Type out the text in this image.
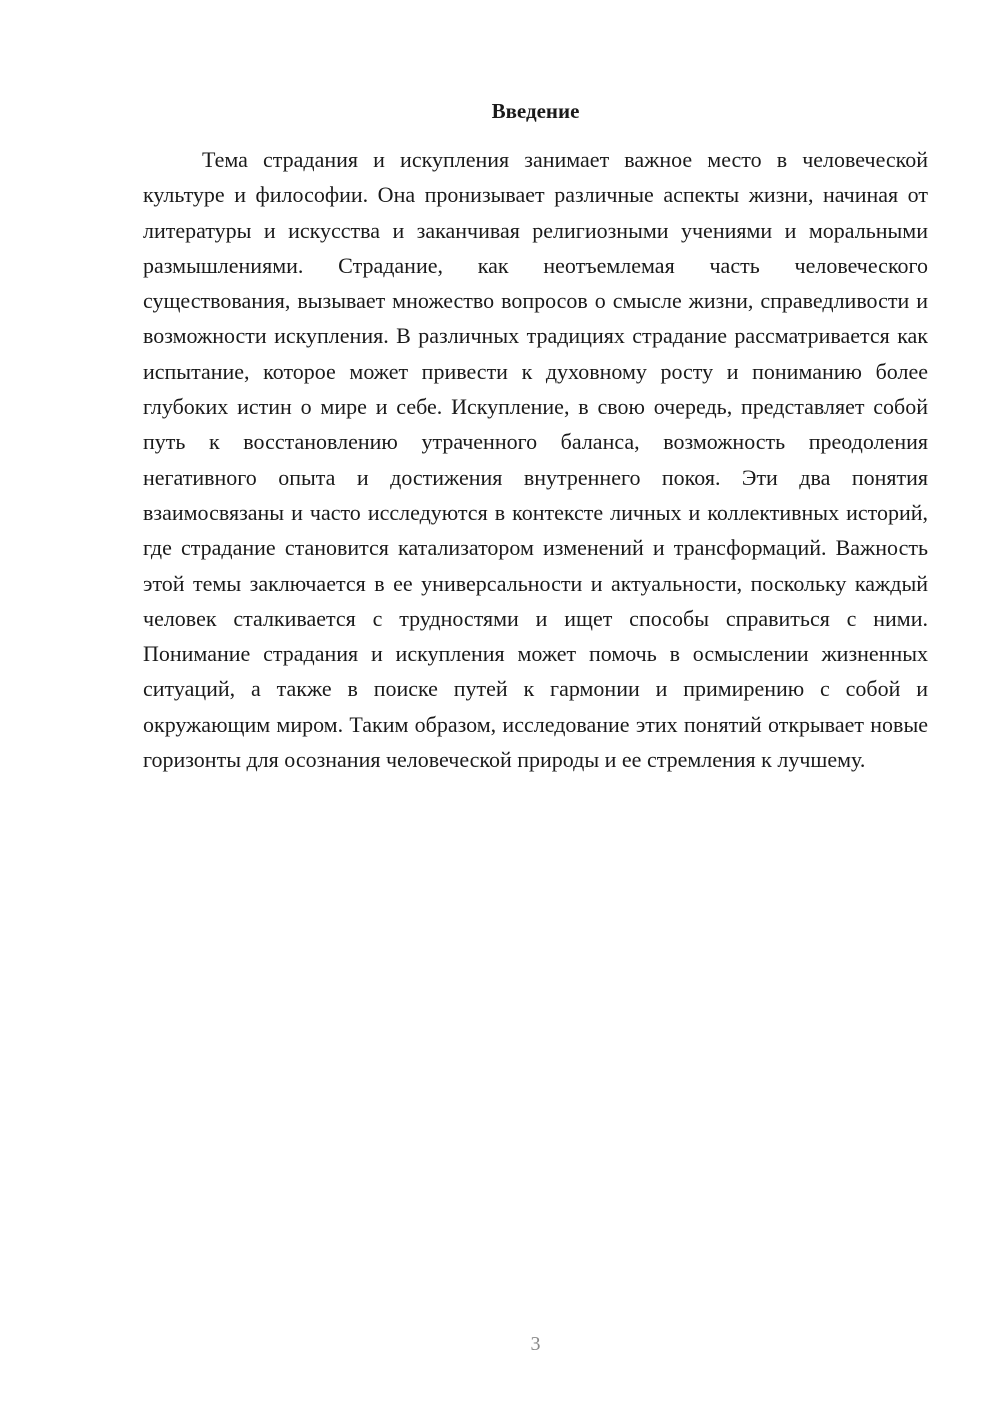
Введение

Тема страдания и искупления занимает важное место в человеческой культуре и философии. Она пронизывает различные аспекты жизни, начиная от литературы и искусства и заканчивая религиозными учениями и моральными размышлениями. Страдание, как неотъемлемая часть человеческого существования, вызывает множество вопросов о смысле жизни, справедливости и возможности искупления. В различных традициях страдание рассматривается как испытание, которое может привести к духовному росту и пониманию более глубоких истин о мире и себе. Искупление, в свою очередь, представляет собой путь к восстановлению утраченного баланса, возможность преодоления негативного опыта и достижения внутреннего покоя. Эти два понятия взаимосвязаны и часто исследуются в контексте личных и коллективных историй, где страдание становится катализатором изменений и трансформаций. Важность этой темы заключается в ее универсальности и актуальности, поскольку каждый человек сталкивается с трудностями и ищет способы справиться с ними. Понимание страдания и искупления может помочь в осмыслении жизненных ситуаций, а также в поиске путей к гармонии и примирению с собой и окружающим миром. Таким образом, исследование этих понятий открывает новые горизонты для осознания человеческой природы и ее стремления к лучшему.

3
